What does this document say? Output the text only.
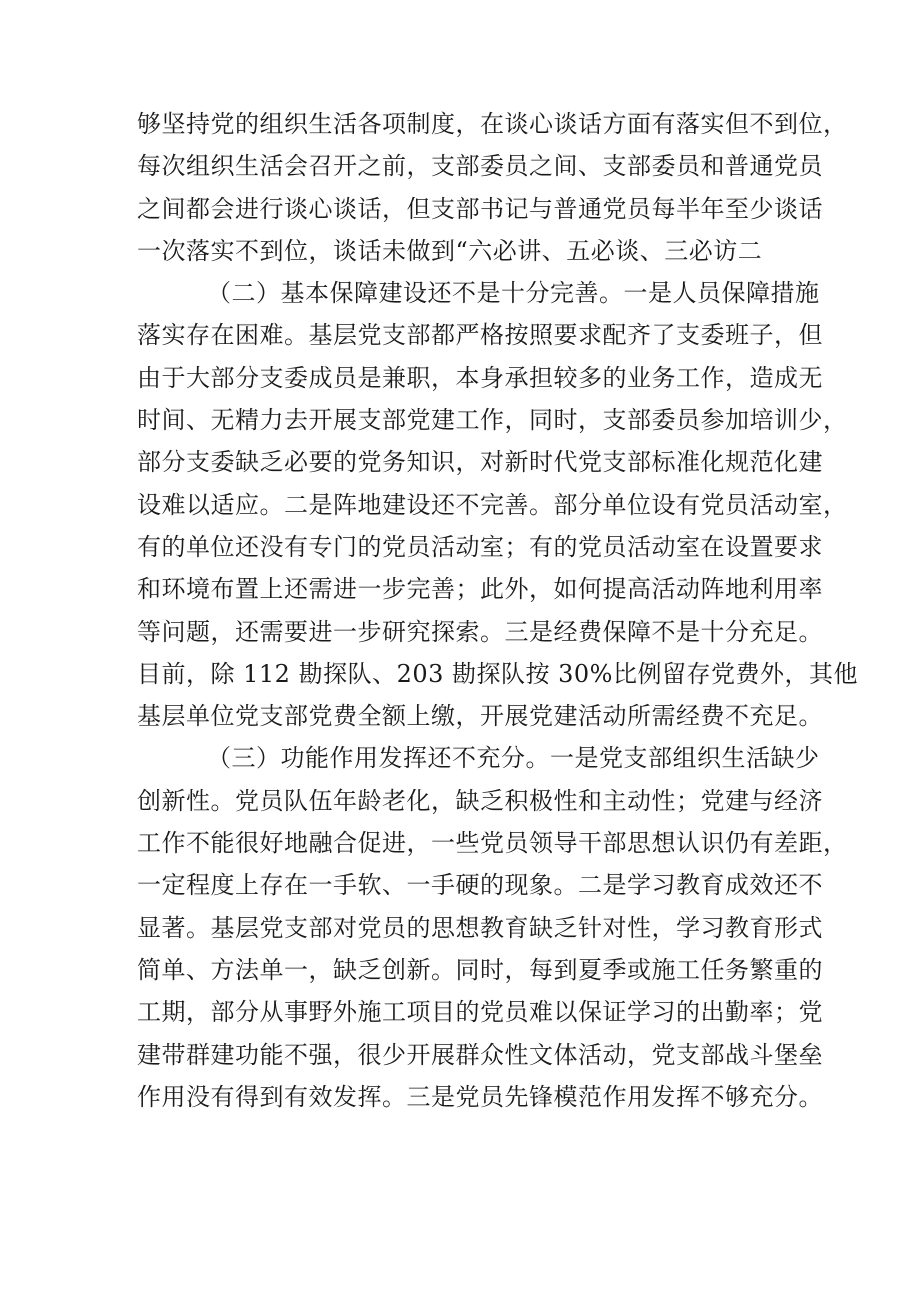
够坚持党的组织生活各项制度，在谈心谈话方面有落实但不到位，
每次组织生活会召开之前，支部委员之间、支部委员和普通党员
之间都会进行谈心谈话，但支部书记与普通党员每半年至少谈话
一次落实不到位，谈话未做到“六必讲、五必谈、三必访二
（二）基本保障建设还不是十分完善。一是人员保障措施
落实存在困难。基层党支部都严格按照要求配齐了支委班子，但
由于大部分支委成员是兼职，本身承担较多的业务工作，造成无
时间、无精力去开展支部党建工作，同时，支部委员参加培训少，
部分支委缺乏必要的党务知识，对新时代党支部标准化规范化建
设难以适应。二是阵地建设还不完善。部分单位设有党员活动室，
有的单位还没有专门的党员活动室；有的党员活动室在设置要求
和环境布置上还需进一步完善；此外，如何提高活动阵地利用率
等问题，还需要进一步研究探索。三是经费保障不是十分充足。
目前，除 112 勘探队、203 勘探队按 30%比例留存党费外，其他
基层单位党支部党费全额上缴，开展党建活动所需经费不充足。
（三）功能作用发挥还不充分。一是党支部组织生活缺少
创新性。党员队伍年龄老化，缺乏积极性和主动性；党建与经济
工作不能很好地融合促进，一些党员领导干部思想认识仍有差距，
一定程度上存在一手软、一手硬的现象。二是学习教育成效还不
显著。基层党支部对党员的思想教育缺乏针对性，学习教育形式
简单、方法单一，缺乏创新。同时，每到夏季或施工任务繁重的
工期，部分从事野外施工项目的党员难以保证学习的出勤率；党
建带群建功能不强，很少开展群众性文体活动，党支部战斗堡垒
作用没有得到有效发挥。三是党员先锋模范作用发挥不够充分。
